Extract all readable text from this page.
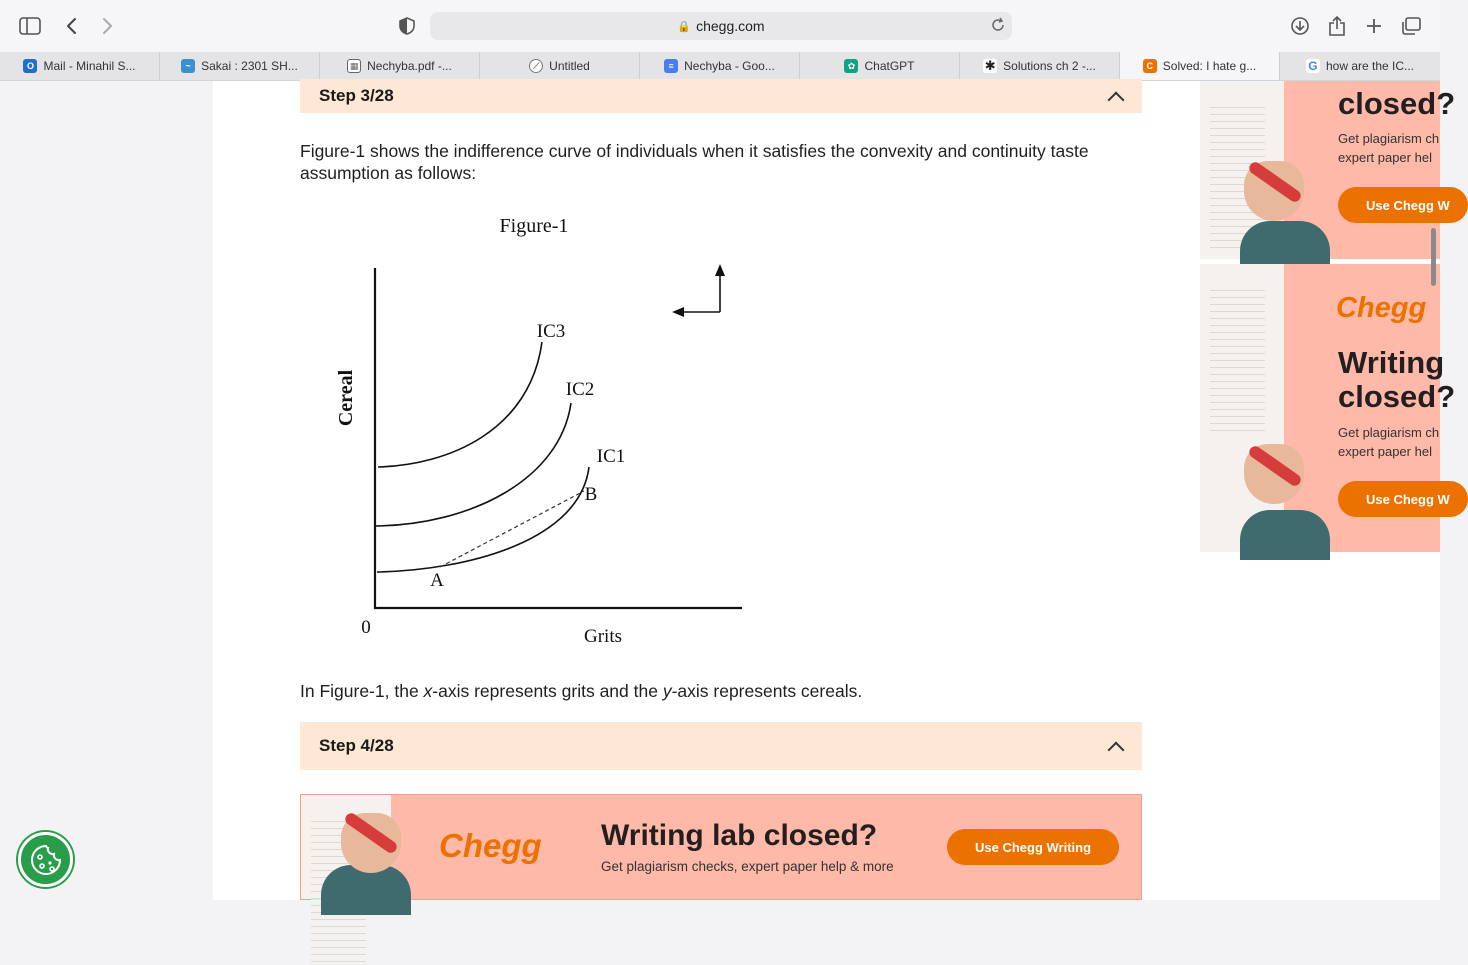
🔒 chegg.com
O Mail - Minahil S...	~ Sakai : 2301 SH...	▦ Nechyba.pdf -...	⟋ Untitled	≡ Nechyba - Goo...	✿ ChatGPT	✱ Solutions ch 2 -...	C Solved: I hate g...	G how are the IC...
Step 3/28
Figure-1 shows the indifference curve of individuals when it satisfies the convexity and continuity taste assumption as follows:
In Figure-1, the x-axis represents grits and the y-axis represents cereals.
Step 4/28
Figure-1
0	Grits
Cereal
IC3
IC2
IC1
A
B
closed?
Get plagiarism ch
expert paper hel
Use Chegg W
Chegg
Writing
closed?
Get plagiarism ch
expert paper hel
Use Chegg W
Chegg Writing lab closed?
Get plagiarism checks, expert paper help & more
Use Chegg Writing
